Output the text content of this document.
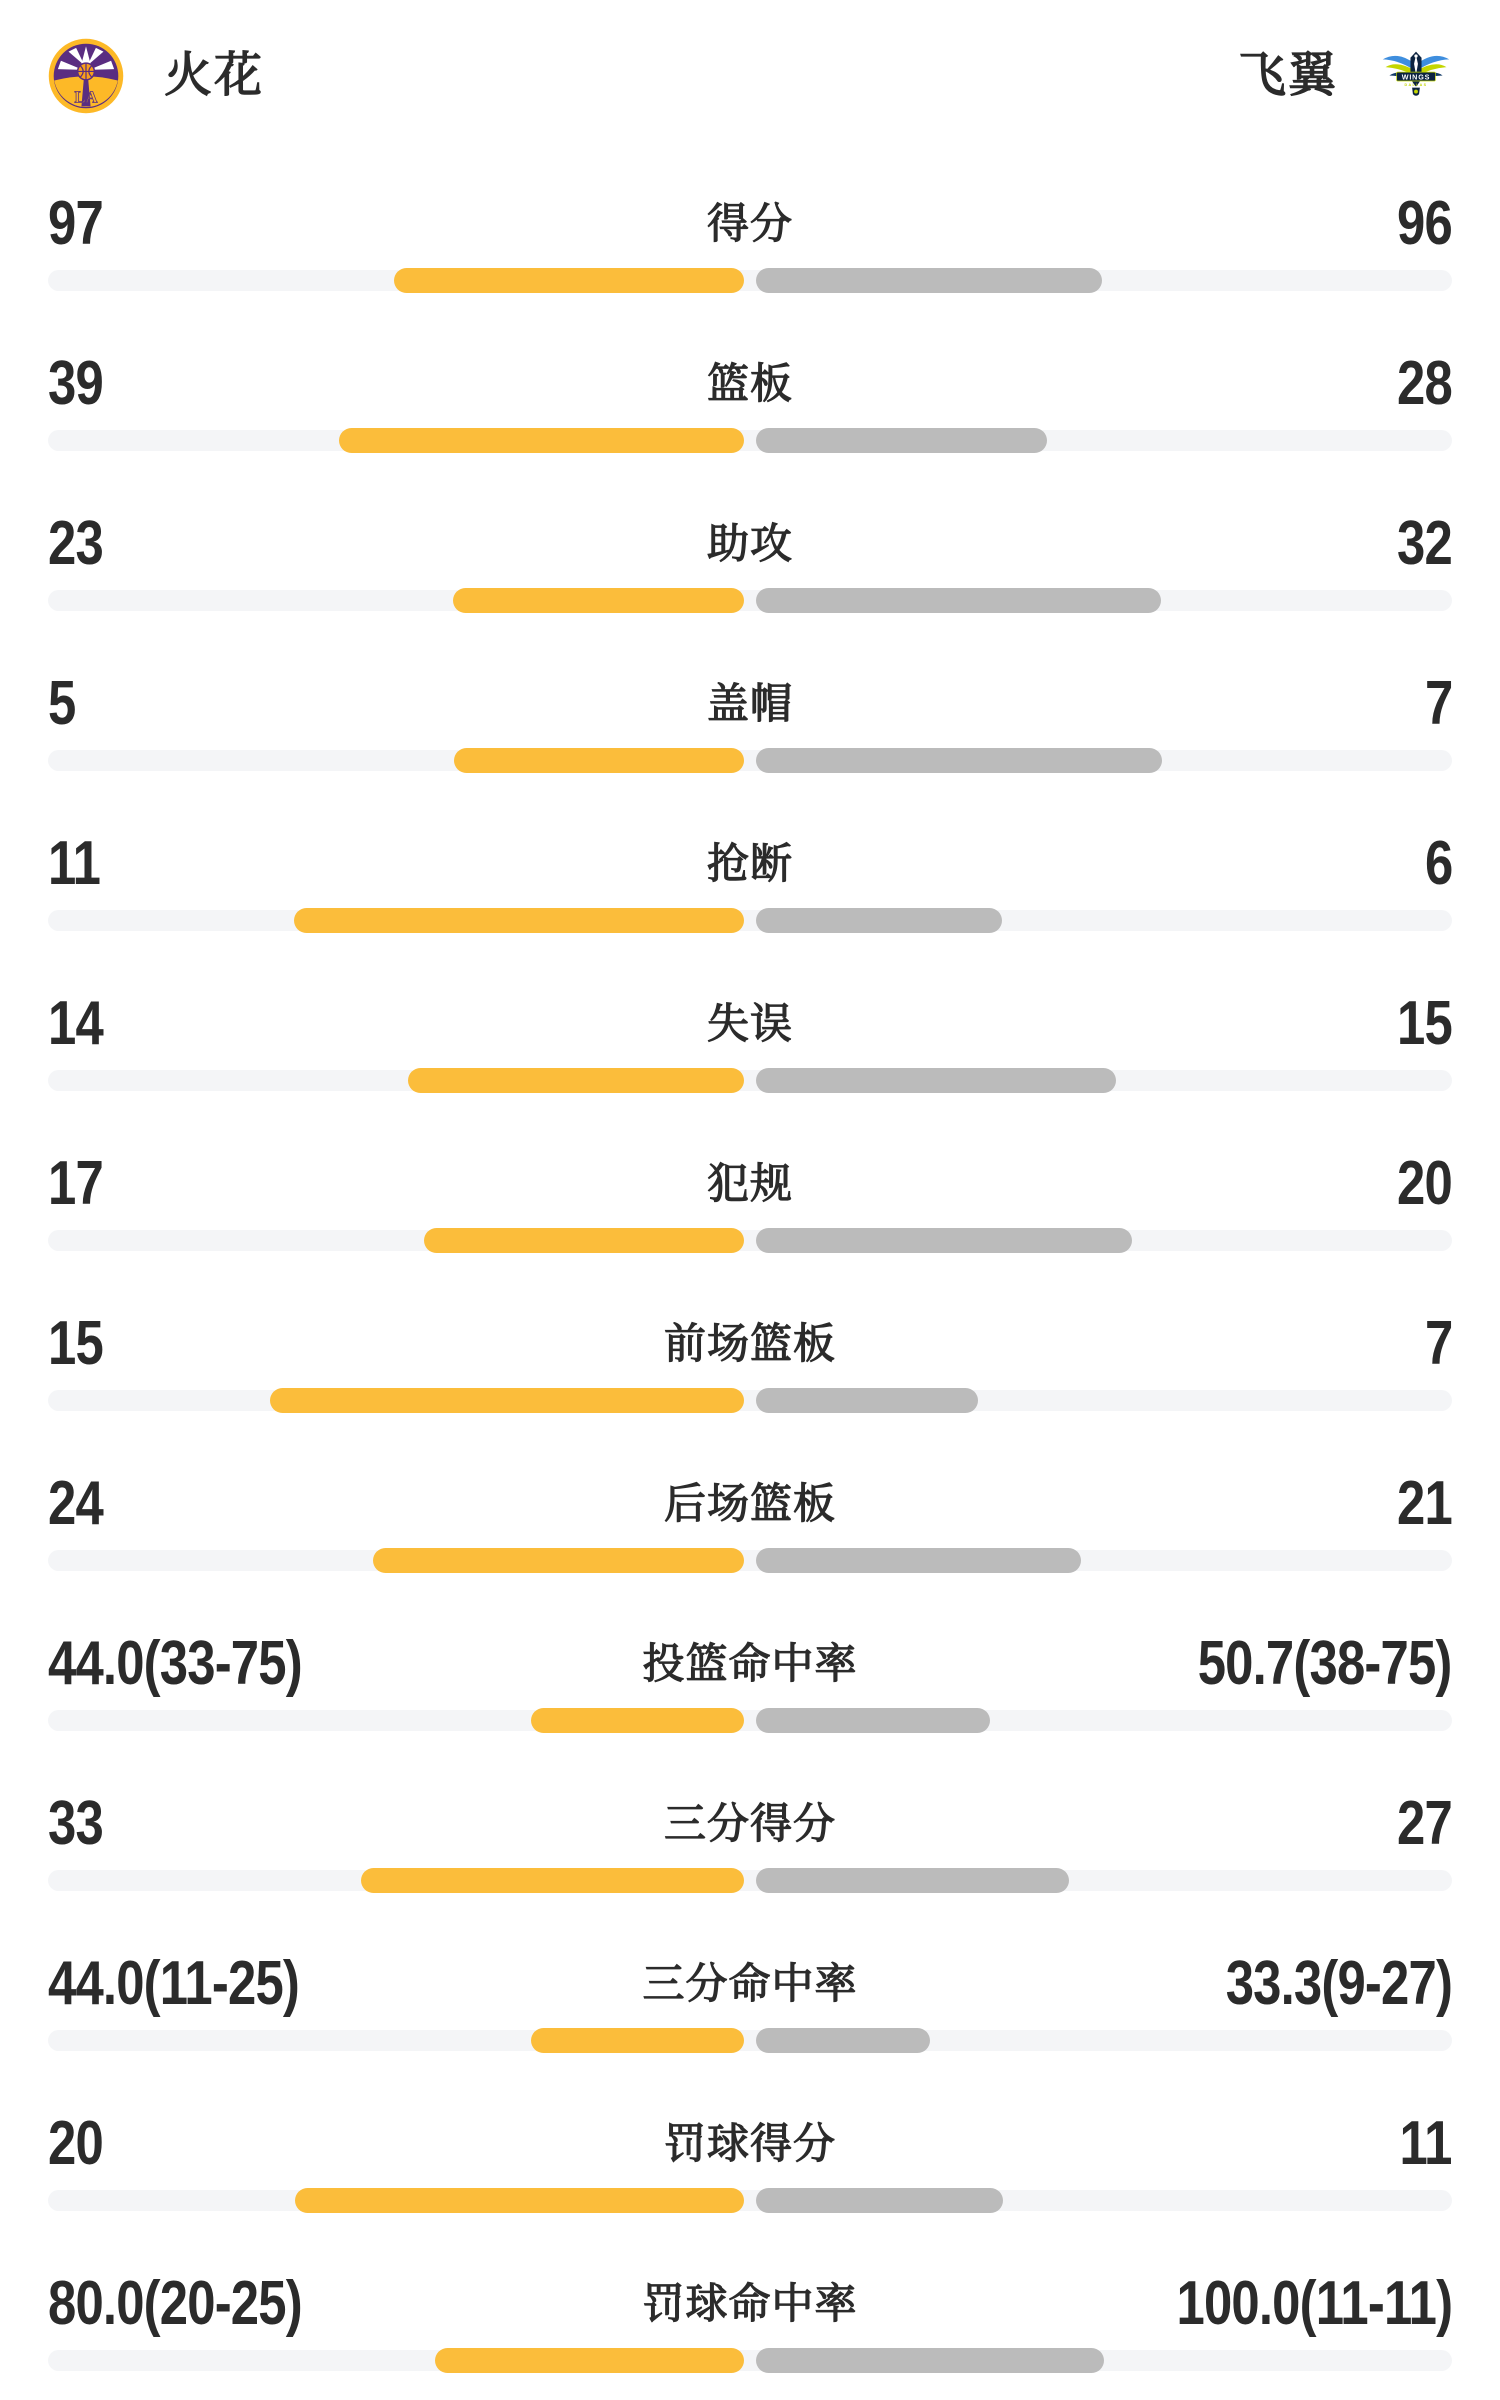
LA 火花	飞翼	WINGS
DALLAS
97	得分	96
39	篮板	28
23	助攻	32
5	盖帽	7
11	抢断	6
14	失误	15
17	犯规	20
15	前场篮板	7
24	后场篮板	21
44.0(33-75)	投篮命中率	50.7(38-75)
33	三分得分	27
44.0(11-25)	三分命中率	33.3(9-27)
20	罚球得分	11
80.0(20-25)	罚球命中率	100.0(11-11)
